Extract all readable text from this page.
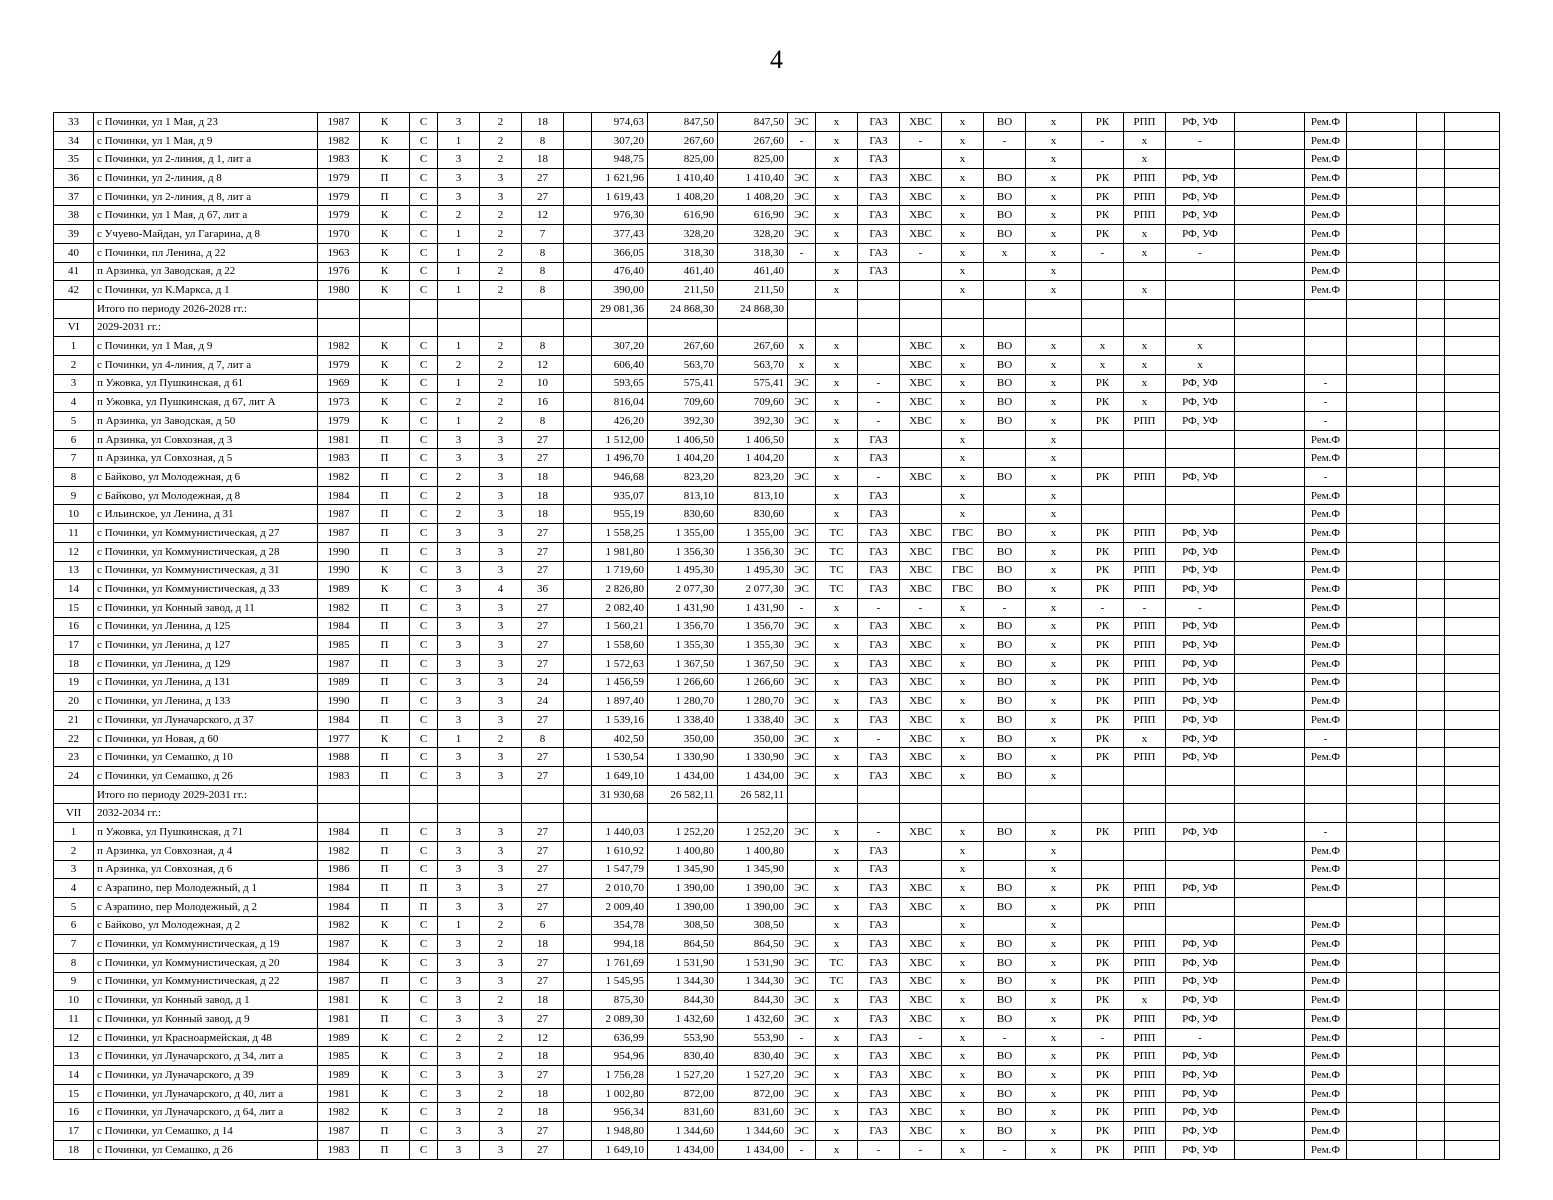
4
33	с Починки, ул 1 Мая, д 23	1987	К	С	3	2	18		974,63	847,50	847,50	ЭС	х	ГАЗ	ХВС	х	ВО	х	РК	РПП	РФ, УФ		Рем.Ф			
34	с Починки, ул 1 Мая, д 9	1982	К	С	1	2	8		307,20	267,60	267,60	-	х	ГАЗ	-	х	-	х	-	х	-		Рем.Ф			
35	с Починки, ул 2-линия, д 1, лит а	1983	К	С	3	2	18		948,75	825,00	825,00		х	ГАЗ		х		х		х			Рем.Ф			
36	с Починки, ул 2-линия, д 8	1979	П	С	3	3	27		1 621,96	1 410,40	1 410,40	ЭС	х	ГАЗ	ХВС	х	ВО	х	РК	РПП	РФ, УФ		Рем.Ф			
37	с Починки, ул 2-линия, д 8, лит а	1979	П	С	3	3	27		1 619,43	1 408,20	1 408,20	ЭС	х	ГАЗ	ХВС	х	ВО	х	РК	РПП	РФ, УФ		Рем.Ф			
38	с Починки, ул 1 Мая, д 67, лит а	1979	К	С	2	2	12		976,30	616,90	616,90	ЭС	х	ГАЗ	ХВС	х	ВО	х	РК	РПП	РФ, УФ		Рем.Ф			
39	с Учуево-Майдан, ул Гагарина, д 8	1970	К	С	1	2	7		377,43	328,20	328,20	ЭС	х	ГАЗ	ХВС	х	ВО	х	РК	х	РФ, УФ		Рем.Ф			
40	с Починки, пл Ленина, д 22	1963	К	С	1	2	8		366,05	318,30	318,30	-	х	ГАЗ	-	х	х	х	-	х	-		Рем.Ф			
41	п Арзинка, ул Заводская, д 22	1976	К	С	1	2	8		476,40	461,40	461,40		х	ГАЗ		х		х					Рем.Ф			
42	с Починки, ул К.Маркса, д 1	1980	К	С	1	2	8		390,00	211,50	211,50		х			х		х		х			Рем.Ф			
	Итого по периоду 2026-2028 гг.:								29 081,36	24 868,30	24 868,30															
VI	2029-2031 гг.:																									
1	с Починки, ул 1 Мая, д 9	1982	К	С	1	2	8		307,20	267,60	267,60	х	х		ХВС	х	ВО	х	х	х	х					
2	с Починки, ул 4-линия, д 7, лит а	1979	К	С	2	2	12		606,40	563,70	563,70	х	х		ХВС	х	ВО	х	х	х	х					
3	п Ужовка, ул Пушкинская, д 61	1969	К	С	1	2	10		593,65	575,41	575,41	ЭС	х	-	ХВС	х	ВО	х	РК	х	РФ, УФ		-			
4	п Ужовка, ул Пушкинская, д 67, лит А	1973	К	С	2	2	16		816,04	709,60	709,60	ЭС	х	-	ХВС	х	ВО	х	РК	х	РФ, УФ		-			
5	п Арзинка, ул Заводская, д 50	1979	К	С	1	2	8		426,20	392,30	392,30	ЭС	х	-	ХВС	х	ВО	х	РК	РПП	РФ, УФ		-			
6	п Арзинка, ул Совхозная, д 3	1981	П	С	3	3	27		1 512,00	1 406,50	1 406,50		х	ГАЗ		х		х					Рем.Ф			
7	п Арзинка, ул Совхозная, д 5	1983	П	С	3	3	27		1 496,70	1 404,20	1 404,20		х	ГАЗ		х		х					Рем.Ф			
8	с Байково, ул Молодежная, д 6	1982	П	С	2	3	18		946,68	823,20	823,20	ЭС	х	-	ХВС	х	ВО	х	РК	РПП	РФ, УФ		-			
9	с Байково, ул Молодежная, д 8	1984	П	С	2	3	18		935,07	813,10	813,10		х	ГАЗ		х		х					Рем.Ф			
10	с Ильинское, ул Ленина, д 31	1987	П	С	2	3	18		955,19	830,60	830,60		х	ГАЗ		х		х					Рем.Ф			
11	с Починки, ул Коммунистическая, д 27	1987	П	С	3	3	27		1 558,25	1 355,00	1 355,00	ЭС	ТС	ГАЗ	ХВС	ГВС	ВО	х	РК	РПП	РФ, УФ		Рем.Ф			
12	с Починки, ул Коммунистическая, д 28	1990	П	С	3	3	27		1 981,80	1 356,30	1 356,30	ЭС	ТС	ГАЗ	ХВС	ГВС	ВО	х	РК	РПП	РФ, УФ		Рем.Ф			
13	с Починки, ул Коммунистическая, д 31	1990	К	С	3	3	27		1 719,60	1 495,30	1 495,30	ЭС	ТС	ГАЗ	ХВС	ГВС	ВО	х	РК	РПП	РФ, УФ		Рем.Ф			
14	с Починки, ул Коммунистическая, д 33	1989	К	С	3	4	36		2 826,80	2 077,30	2 077,30	ЭС	ТС	ГАЗ	ХВС	ГВС	ВО	х	РК	РПП	РФ, УФ		Рем.Ф			
15	с Починки, ул Конный завод, д 11	1982	П	С	3	3	27		2 082,40	1 431,90	1 431,90	-	х	-	-	х	-	х	-	-	-		Рем.Ф			
16	с Починки, ул Ленина, д 125	1984	П	С	3	3	27		1 560,21	1 356,70	1 356,70	ЭС	х	ГАЗ	ХВС	х	ВО	х	РК	РПП	РФ, УФ		Рем.Ф			
17	с Починки, ул Ленина, д 127	1985	П	С	3	3	27		1 558,60	1 355,30	1 355,30	ЭС	х	ГАЗ	ХВС	х	ВО	х	РК	РПП	РФ, УФ		Рем.Ф			
18	с Починки, ул Ленина, д 129	1987	П	С	3	3	27		1 572,63	1 367,50	1 367,50	ЭС	х	ГАЗ	ХВС	х	ВО	х	РК	РПП	РФ, УФ		Рем.Ф			
19	с Починки, ул Ленина, д 131	1989	П	С	3	3	24		1 456,59	1 266,60	1 266,60	ЭС	х	ГАЗ	ХВС	х	ВО	х	РК	РПП	РФ, УФ		Рем.Ф			
20	с Починки, ул Ленина, д 133	1990	П	С	3	3	24		1 897,40	1 280,70	1 280,70	ЭС	х	ГАЗ	ХВС	х	ВО	х	РК	РПП	РФ, УФ		Рем.Ф			
21	с Починки, ул Луначарского, д 37	1984	П	С	3	3	27		1 539,16	1 338,40	1 338,40	ЭС	х	ГАЗ	ХВС	х	ВО	х	РК	РПП	РФ, УФ		Рем.Ф			
22	с Починки, ул Новая, д 60	1977	К	С	1	2	8		402,50	350,00	350,00	ЭС	х	-	ХВС	х	ВО	х	РК	х	РФ, УФ		-			
23	с Починки, ул Семашко, д 10	1988	П	С	3	3	27		1 530,54	1 330,90	1 330,90	ЭС	х	ГАЗ	ХВС	х	ВО	х	РК	РПП	РФ, УФ		Рем.Ф			
24	с Починки, ул Семашко, д 26	1983	П	С	3	3	27		1 649,10	1 434,00	1 434,00	ЭС	х	ГАЗ	ХВС	х	ВО	х								
	Итого по периоду 2029-2031 гг.:								31 930,68	26 582,11	26 582,11															
VII	2032-2034 гг.:																									
1	п Ужовка, ул Пушкинская, д 71	1984	П	С	3	3	27		1 440,03	1 252,20	1 252,20	ЭС	х	-	ХВС	х	ВО	х	РК	РПП	РФ, УФ		-			
2	п Арзинка, ул Совхозная, д 4	1982	П	С	3	3	27		1 610,92	1 400,80	1 400,80		х	ГАЗ		х		х					Рем.Ф			
3	п Арзинка, ул Совхозная, д 6	1986	П	С	3	3	27		1 547,79	1 345,90	1 345,90		х	ГАЗ		х		х					Рем.Ф			
4	с Азрапино, пер Молодежный, д 1	1984	П	П	3	3	27		2 010,70	1 390,00	1 390,00	ЭС	х	ГАЗ	ХВС	х	ВО	х	РК	РПП	РФ, УФ		Рем.Ф			
5	с Азрапино, пер Молодежный, д 2	1984	П	П	3	3	27		2 009,40	1 390,00	1 390,00	ЭС	х	ГАЗ	ХВС	х	ВО	х	РК	РПП						
6	с Байково, ул Молодежная, д 2	1982	К	С	1	2	6		354,78	308,50	308,50		х	ГАЗ		х		х					Рем.Ф			
7	с Починки, ул Коммунистическая, д 19	1987	К	С	3	2	18		994,18	864,50	864,50	ЭС	х	ГАЗ	ХВС	х	ВО	х	РК	РПП	РФ, УФ		Рем.Ф			
8	с Починки, ул Коммунистическая, д 20	1984	К	С	3	3	27		1 761,69	1 531,90	1 531,90	ЭС	ТС	ГАЗ	ХВС	х	ВО	х	РК	РПП	РФ, УФ		Рем.Ф			
9	с Починки, ул Коммунистическая, д 22	1987	П	С	3	3	27		1 545,95	1 344,30	1 344,30	ЭС	ТС	ГАЗ	ХВС	х	ВО	х	РК	РПП	РФ, УФ		Рем.Ф			
10	с Починки, ул Конный завод, д 1	1981	К	С	3	2	18		875,30	844,30	844,30	ЭС	х	ГАЗ	ХВС	х	ВО	х	РК	х	РФ, УФ		Рем.Ф			
11	с Починки, ул Конный завод, д 9	1981	П	С	3	3	27		2 089,30	1 432,60	1 432,60	ЭС	х	ГАЗ	ХВС	х	ВО	х	РК	РПП	РФ, УФ		Рем.Ф			
12	с Починки, ул Красноармейская, д 48	1989	К	С	2	2	12		636,99	553,90	553,90	-	х	ГАЗ	-	х	-	х	-	РПП	-		Рем.Ф			
13	с Починки, ул Луначарского, д 34, лит а	1985	К	С	3	2	18		954,96	830,40	830,40	ЭС	х	ГАЗ	ХВС	х	ВО	х	РК	РПП	РФ, УФ		Рем.Ф			
14	с Починки, ул Луначарского, д 39	1989	К	С	3	3	27		1 756,28	1 527,20	1 527,20	ЭС	х	ГАЗ	ХВС	х	ВО	х	РК	РПП	РФ, УФ		Рем.Ф			
15	с Починки, ул Луначарского, д 40, лит а	1981	К	С	3	2	18		1 002,80	872,00	872,00	ЭС	х	ГАЗ	ХВС	х	ВО	х	РК	РПП	РФ, УФ		Рем.Ф			
16	с Починки, ул Луначарского, д 64, лит а	1982	К	С	3	2	18		956,34	831,60	831,60	ЭС	х	ГАЗ	ХВС	х	ВО	х	РК	РПП	РФ, УФ		Рем.Ф			
17	с Починки, ул Семашко, д 14	1987	П	С	3	3	27		1 948,80	1 344,60	1 344,60	ЭС	х	ГАЗ	ХВС	х	ВО	х	РК	РПП	РФ, УФ		Рем.Ф			
18	с Починки, ул Семашко, д 26	1983	П	С	3	3	27		1 649,10	1 434,00	1 434,00	-	х	-	-	х	-	х	РК	РПП	РФ, УФ		Рем.Ф			
